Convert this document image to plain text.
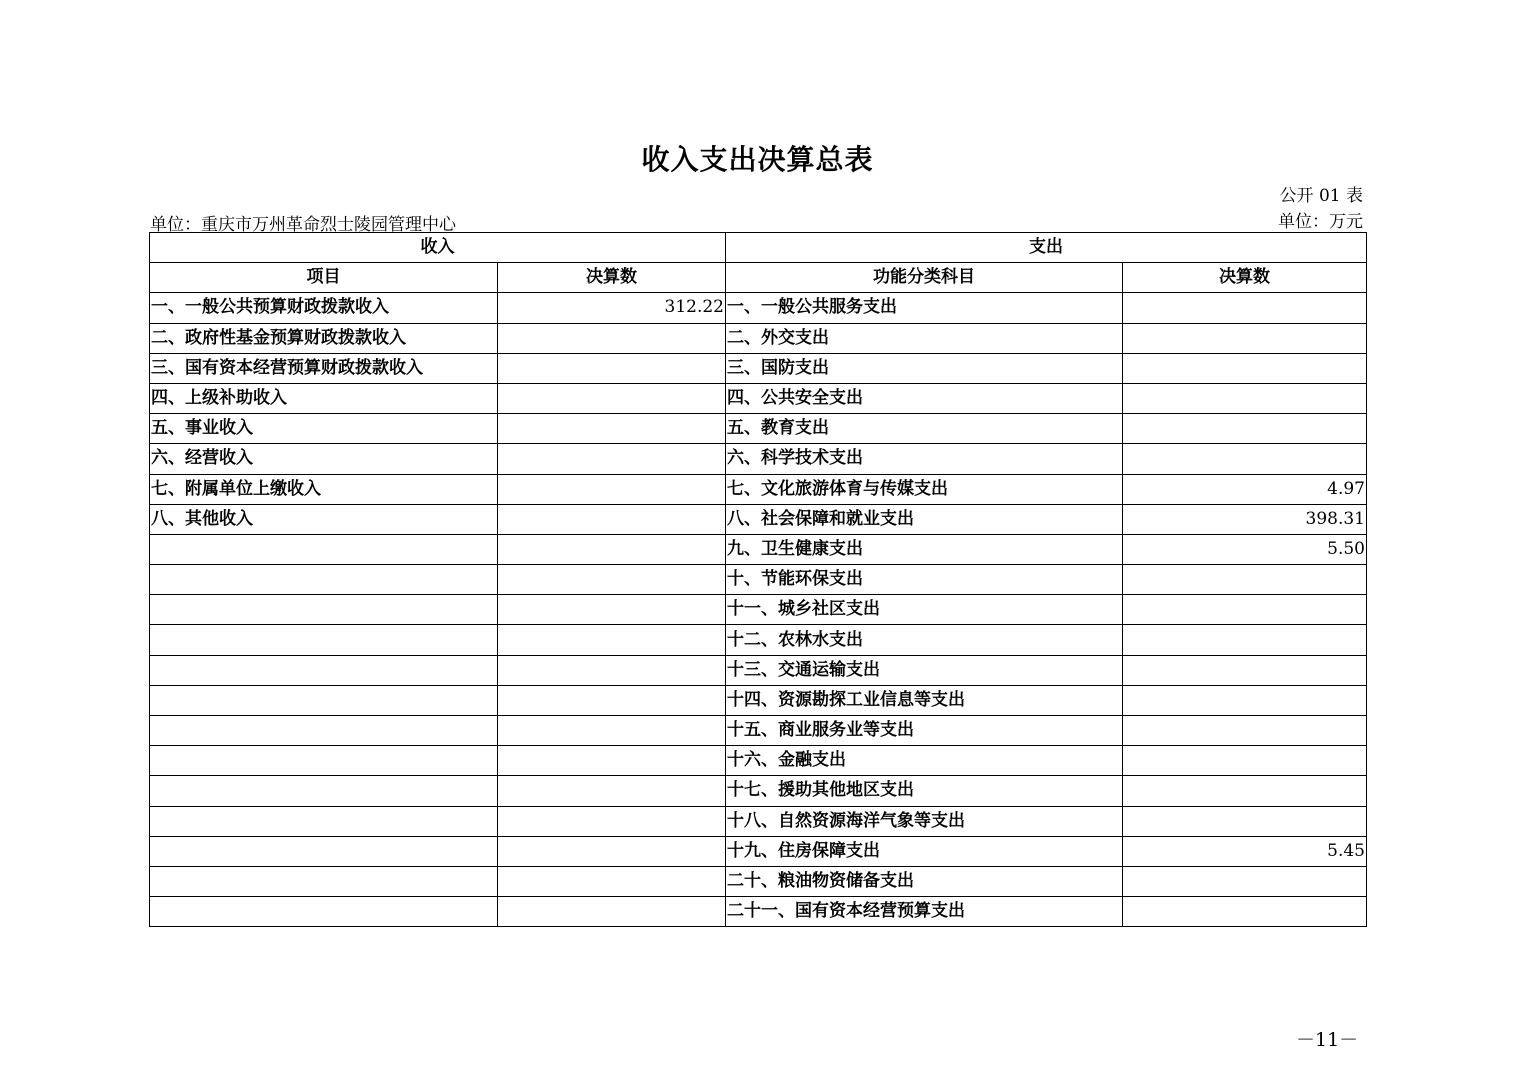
收入支出决算总表
公开 01 表
单位：万元
单位：重庆市万州革命烈士陵园管理中心
收入		支出	
项目	决算数	功能分类科目	决算数
一、一般公共预算财政拨款收入	312.22	一、一般公共服务支出	
二、政府性基金预算财政拨款收入		二、外交支出	
三、国有资本经营预算财政拨款收入		三、国防支出	
四、上级补助收入		四、公共安全支出	
五、事业收入		五、教育支出	
六、经营收入		六、科学技术支出	
七、附属单位上缴收入		七、文化旅游体育与传媒支出	4.97
八、其他收入		八、社会保障和就业支出	398.31
		九、卫生健康支出	5.50
		十、节能环保支出	
		十一、城乡社区支出	
		十二、农林水支出	
		十三、交通运输支出	
		十四、资源勘探工业信息等支出	
		十五、商业服务业等支出	
		十六、金融支出	
		十七、援助其他地区支出	
		十八、自然资源海洋气象等支出	
		十九、住房保障支出	5.45
		二十、粮油物资储备支出	
		二十一、国有资本经营预算支出	
－11－
